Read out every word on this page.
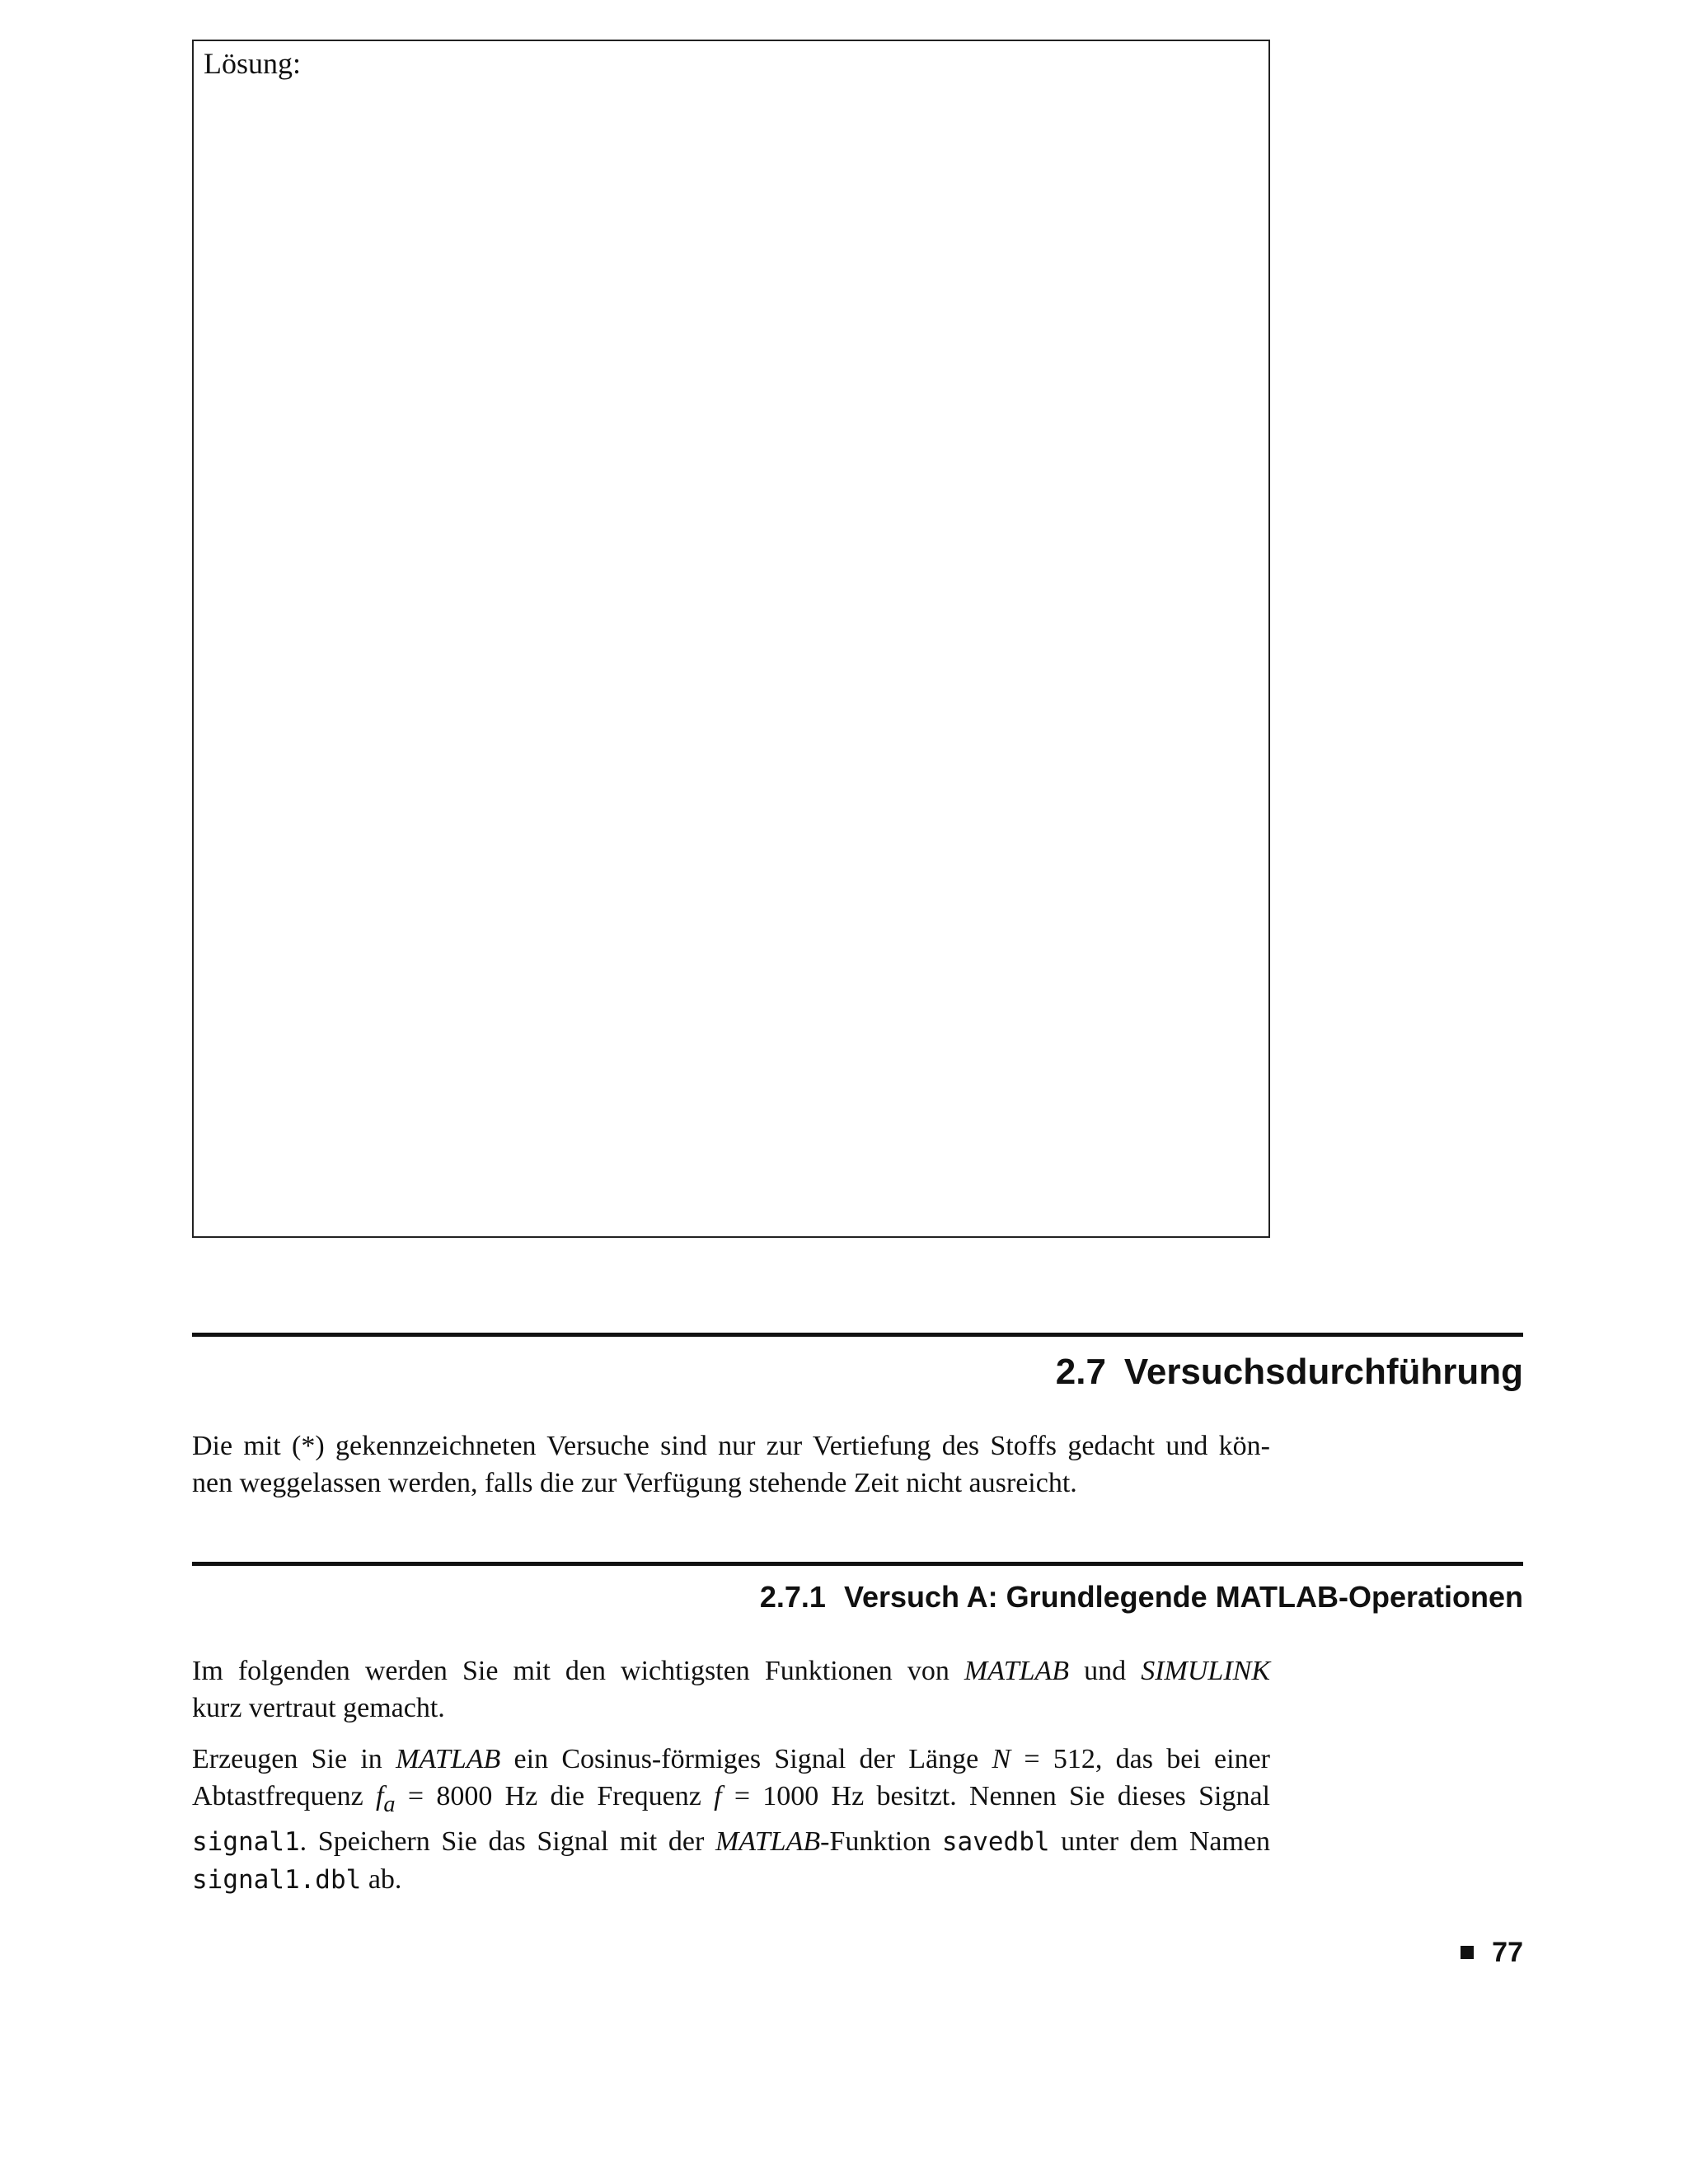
Lösung:
2.7 Versuchsdurchführung

Die mit (*) gekennzeichneten Versuche sind nur zur Vertiefung des Stoffs gedacht und kön-
nen weggelassen werden, falls die zur Verfügung stehende Zeit nicht ausreicht.

2.7.1 Versuch A: Grundlegende MATLAB-Operationen

Im folgenden werden Sie mit den wichtigsten Funktionen von MATLAB und SIMULINK
kurz vertraut gemacht.

Erzeugen Sie in MATLAB ein Cosinus-förmiges Signal der Länge N = 512, das bei einer
Abtastfrequenz $f_a = 8000$ Hz die Frequenz f = 1000 Hz besitzt. Nennen Sie dieses Signal
signal1. Speichern Sie das Signal mit der MATLAB-Funktion savedbl unter dem Namen
signal1.dbl ab.

77
